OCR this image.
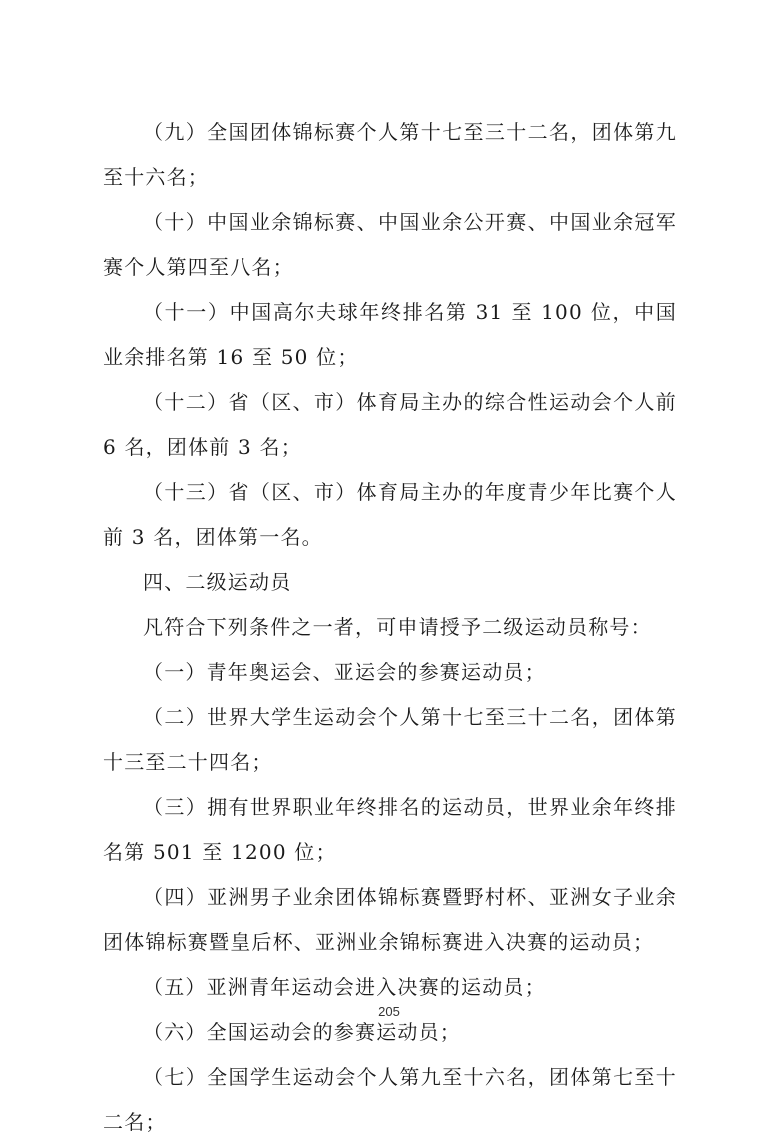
（九）全国团体锦标赛个人第十七至三十二名，团体第九至十六名；

（十）中国业余锦标赛、中国业余公开赛、中国业余冠军赛个人第四至八名；

（十一）中国高尔夫球年终排名第 31 至 100 位，中国业余排名第 16 至 50 位；

（十二）省（区、市）体育局主办的综合性运动会个人前 6 名，团体前 3 名；

（十三）省（区、市）体育局主办的年度青少年比赛个人前 3 名，团体第一名。

四、二级运动员

凡符合下列条件之一者，可申请授予二级运动员称号：

（一）青年奥运会、亚运会的参赛运动员；

（二）世界大学生运动会个人第十七至三十二名，团体第十三至二十四名；

（三）拥有世界职业年终排名的运动员，世界业余年终排名第 501 至 1200 位；

（四）亚洲男子业余团体锦标赛暨野村杯、亚洲女子业余团体锦标赛暨皇后杯、亚洲业余锦标赛进入决赛的运动员；

（五）亚洲青年运动会进入决赛的运动员；

（六）全国运动会的参赛运动员；

（七）全国学生运动会个人第九至十六名，团体第七至十二名；

205
